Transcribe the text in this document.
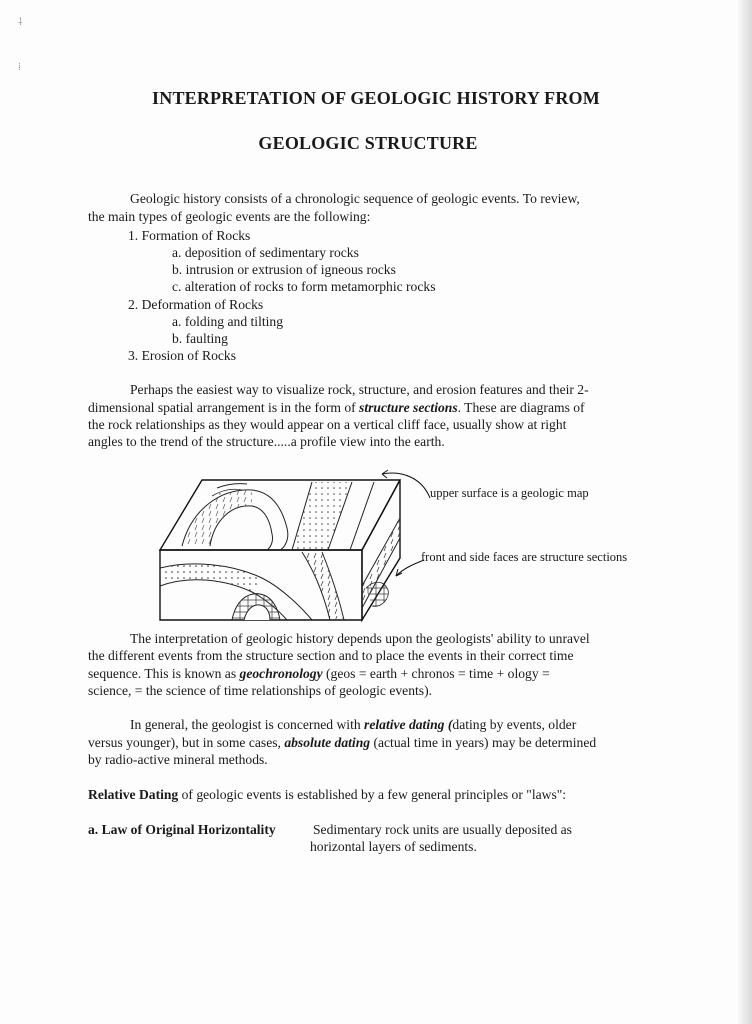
⸸
⁞
INTERPRETATION OF GEOLOGIC HISTORY FROM
GEOLOGIC STRUCTURE
Geologic history consists of a chronologic sequence of geologic events. To review,
the main types of geologic events are the following:
1. Formation of Rocks
a. deposition of sedimentary rocks
b. intrusion or extrusion of igneous rocks
c. alteration of rocks to form metamorphic rocks
2. Deformation of Rocks
a. folding and tilting
b. faulting
3. Erosion of Rocks
Perhaps the easiest way to visualize rock, structure, and erosion features and their 2-
dimensional spatial arrangement is in the form of structure sections. These are diagrams of
the rock relationships as they would appear on a vertical cliff face, usually show at right
angles to the trend of the structure.....a profile view into the earth.
upper surface is a geologic map
front and side faces are structure sections
The interpretation of geologic history depends upon the geologists' ability to unravel
the different events from the structure section and to place the events in their correct time
sequence. This is known as geochronology (geos = earth + chronos = time + ology =
science, = the science of time relationships of geologic events).
In general, the geologist is concerned with relative dating (dating by events, older
versus younger), but in some cases, absolute dating (actual time in years) may be determined
by radio-active mineral methods.
Relative Dating of geologic events is established by a few general principles or "laws":
a. Law of Original Horizontality	Sedimentary rock units are usually deposited as
horizontal layers of sediments.
